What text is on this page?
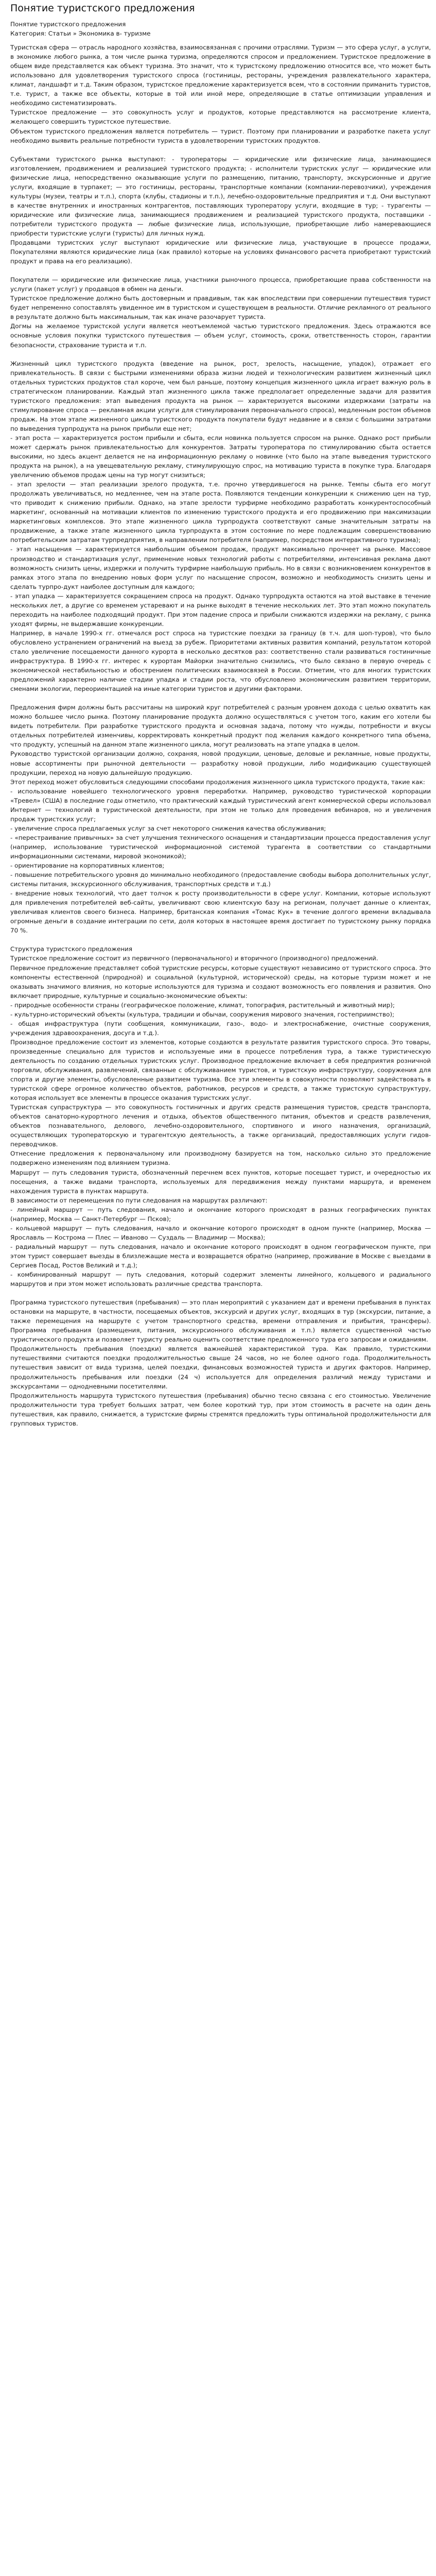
Понятие туристского предложения
Понятие туристского предложения
Категория: Статьи » Экономика в- туризме

Туристская сфера — отрасль народного хозяйства, взаимосвязанная с прочими отраслями. Туризм — это сфера услуг, а услуги, в экономике любого рынка, а том числе рынка туризма, определяются спросом и предложением. Туристское предложение в общем виде представляется как объект туризма. Это значит, что к туристскому предложению относится все, что может быть использовано для удовлетворения туристского спроса (гостиницы, рестораны, учреждения развлекательного характера, климат, ландшафт и т.д. Таким образом, туристское предложение характеризуется всем, что в состоянии приманить туристов, т.е. турист, а также все объекты, которые в той или иной мере, определяющие в статье оптимизации управления и необходимо систематизировать.

Туристское предложение — это совокупность услуг и продуктов, которые представляются на рассмотрение клиента, желающего совершить туристское путешествие.

Объектом туристского предложения является потребитель — турист. Поэтому при планировании и разработке пакета услуг необходимо выявить реальные потребности туриста в удовлетворении туристских продуктов.

Субъектами туристского рынка выступают: - туроператоры — юридические или физические лица, занимающиеся изготовлением, продвижением и реализацией туристского продукта; - исполнители туристских услуг — юридические или физические лица, непосредственно оказывающие услуги по размещению, питанию, транспорту, экскурсионные и другие услуги, входящие в турпакет; — это гостиницы, рестораны, транспортные компании (компании-перевозчики), учреждения культуры (музеи, театры и т.п.), спорта (клубы, стадионы и т.п.), лечебно-оздоровительные предприятия и т.д. Они выступают в качестве внутренних и иностранных контрагентов, поставляющих туроператору услуги, входящие в тур; - турагенты — юридические или физические лица, занимающиеся продвижением и реализацией туристского продукта, поставщики - потребители туристского продукта — любые физические лица, использующие, приобретающие либо намеревающиеся приобрести туристские услуги (туристы) для личных нужд.

Продавцами туристских услуг выступают юридические или физические лица, участвующие в процессе продажи, Покупателями являются юридические лица (как правило) которые на условиях финансового расчета приобретают туристский продукт и права на его реализацию).

Покупатели — юридические или физические лица, участники рыночного процесса, приобретающие права собственности на услуги (пакет услуг) у продавцов в обмен на деньги.

Туристское предложение должно быть достоверным и правдивым, так как впоследствии при совершении путешествия турист будет непременно сопоставлять увиденное им в туристском и существующем в реальности. Отличие рекламного от реального в результате должно быть максимальным, так как иначе разочарует туриста.

Догмы на желаемое туристской услуги является неотъемлемой частью туристского предложения. Здесь отражаются все основные условия покупки туристского путешествия — объем услуг, стоимость, сроки, ответственность сторон, гарантии безопасности, страхование туриста и т.п.

Жизненный цикл туристского продукта (введение на рынок, рост, зрелость, насыщение, упадок), отражает его привлекательность. В связи с быстрыми изменениями образа жизни людей и технологическим развитием жизненный цикл отдельных туристских продуктов стал короче, чем был раньше, поэтому концепция жизненного цикла играет важную роль в стратегическом планировании. Каждый этап жизненного цикла также предполагает определенные задачи для развития туристского предложения: этап выведения продукта на рынок — характеризуется высокими издержками (затраты на стимулирование спроса — рекламная акции услуги для стимулирования первоначального спроса), медленным ростом объемов продаж. На этом этапе жизненного цикла туристского продукта покупатели будут недавние и в связи с большими затратами по выведения турпродукта на рынок прибыли еще нет;

- этап роста — характеризуется ростом прибыли и сбыта, если новинка пользуется спросом на рынке. Однако рост прибыли может сдержать рынок привлекательностью для конкурентов. Затраты туроператора по стимулированию сбыта остается высокими, но здесь акцент делается не на информационную рекламу о новинке (что было на этапе выведения туристского продукта на рынок), а на увещевательную рекламу, стимулирующую спрос, на мотивацию туриста в покупке тура. Благодаря увеличению объемов продаж цены на тур могут снизиться;

- этап зрелости — этап реализации зрелого продукта, т.е. прочно утвердившегося на рынке. Темпы сбыта его могут продолжать увеличиваться, но медленнее, чем на этапе роста. Появляются тенденции конкуренции к снижению цен на тур, что приводит к снижению прибыли. Однако, на этапе зрелости турфирме необходимо разработать конкурентоспособный маркетинг, основанный на мотивации клиентов по изменению туристского продукта и его продвижению при максимизации маркетинговых комплексов. Это этапе жизненного цикла турпродукта соответствуют самые значительным затраты на продвижение, а также этапе жизненного цикла турпродукта в этом состояние по мере подлежащим совершенствованию потребительским затратам турпредприятия, в направлении потребителя (например, посредством интерактивного туризма);

- этап насыщения — характеризуется наибольшим объемом продаж, продукт максимально прочнеет на рынке. Массовое производство и стандартизация услуг, применение новых технологий работы с потребителями, интенсивная реклама дают возможность снизить цены, издержки и получить турфирме наибольшую прибыль. Но в связи с возникновением конкурентов в рамках этого этапа по внедрению новых форм услуг по насыщение спросом, возможно и необходимость снизить цены и сделать турпро-дукт наиболее доступным для каждого;

- этап упадка — характеризуется сокращением спроса на продукт. Однако турпродукта остаются на этой выставке в течение нескольких лет, а другие со временем устаревают и на рынке выходят в течение нескольких лет. Это этап можно покупатель переходить на наиболее подходящий продукт. При этом падение спроса и прибыли снижаются издержки на рекламу, с рынка уходят фирмы, не выдержавшие конкуренции.

Например, в начале 1990-х гг. отмечался рост спроса на туристские поездки за границу (в т.ч. для шоп-туров), что было обусловлено устранением ограничений на выезд за рубеж. Приоритетами активных развития компаний, результатом которой стало увеличение посещаемости данного курорта в несколько десятков раз: соответственно стали развиваться гостиничные инфраструктура. В 1990-х гг. интерес к курортам Майорки значительно снизились, что было связано в первую очередь с экономической нестабильностью и обострением политических взаимосвязей в России. Отметим, что для многих туристских предложений характерно наличие стадии упадка и стадии роста, что обусловлено экономическим развитием территории, сменами экологии, переориентацией на иные категории туристов и другими факторами.

Предложения фирм должны быть рассчитаны на широкий круг потребителей с разным уровнем дохода с целью охватить как можно большее число рынка. Поэтому планирование продукта должно осуществляться с учетом того, каким его хотели бы видеть потребители. При разработке туристского продукта и основная задача, потому что нужды, потребности и вкусы отдельных потребителей изменчивы, корректировать конкретный продукт под желания каждого конкретного типа объема, что продукту, успешный на данном этапе жизненного цикла, могут реализовать на этапе упадка в целом.

Руководство туристской организации должно, сохраняя, новой продукции, ценовые, деловые и рекламные, новые продукты, новые ассортименты при рыночной деятельности — разработку новой продукции, либо модификацию существующей продукции, переход на новую дальнейшую продукцию.

Этот переход может обусловиться следующими способами продолжения жизненного цикла туристского продукта, такие как:

- использование новейшего технологического уровня переработки. Например, руководство туристической корпорации «Тревел» (США) в последние годы отметило, что практический каждый туристический агент коммерческой сферы использовал Интернет — технологий в туристической деятельности, при этом не только для проведения вебинаров, но и увеличения продаж туристских услуг;

- увеличение спроса предлагаемых услуг за счет некоторого снижения качества обслуживания;

- «перестраивание привычных» за счет улучшения технического оснащения и стандартизации процесса предоставления услуг (например, использование туристической информационной системой турагента в соответствии со стандартными информационными системами, мировой экономикой);

- ориентирование на корпоративных клиентов;

- повышение потребительского уровня до минимально необходимого (предоставление свободы выбора дополнительных услуг, системы питания, экскурсионного обслуживания, транспортных средств и т.д.)

- внедрение новых технологий, что дает толчок к росту производительности в сфере услуг. Компании, которые используют для привлечения потребителей веб-сайты, увеличивают свою клиентскую базу на регионам, получает данные о клиентах, увеличивая клиентов своего бизнеса. Например, британская компания «Томас Кук» в течение долгого времени вкладывала огромные деньги в создание интеграции по сети, доля которых в настоящее время достигает по туристскому рынку порядка 70 %.

Структура туристского предложения

Туристское предложение состоит из первичного (первоначального) и вторичного (производного) предложений.

Первичное предложение представляет собой туристские ресурсы, которые существуют независимо от туристского спроса. Это компоненты естественной (природной) и социальной (культурной, исторической) среды, на которые туризм может и не оказывать значимого влияния, но которые используются для туризма и создают возможность его появления и развития. Оно включает природные, культурные и социально-экономические объекты:

- природные особенности страны (географическое положение, климат, топография, растительный и животный мир);

- культурно-исторический объекты (культура, традиции и обычаи, сооружения мирового значения, гостеприимство);

- общая инфраструктура (пути сообщения, коммуникации, газо-, водо- и электроснабжение, очистные сооружения, учреждения здравоохранения, досуга и т.д.).

Производное предложение состоит из элементов, которые создаются в результате развития туристского спроса. Это товары, произведенные специально для туристов и используемые ими в процессе потребления тура, а также туристическую деятельность по созданию отдельных туристских услуг. Производное предложение включает в себя предприятия розничной торговли, обслуживания, развлечений, связанные с обслуживанием туристов, и туристскую инфраструктуру, сооружения для спорта и другие элементы, обусловленные развитием туризма. Все эти элементы в совокупности позволяют задействовать в туристской сфере огромное количество объектов, работников, ресурсов и средств, а также туристскую супраструктуру, которая использует все элементы в процессе оказания туристских услуг.

Туристская супраструктура — это совокупность гостиничных и других средств размещения туристов, средств транспорта, объектов санаторно-курортного лечения и отдыха, объектов общественного питания, объектов и средств развлечения, объектов познавательного, делового, лечебно-оздоровительного, спортивного и иного назначения, организаций, осуществляющих туроператорскую и турагентскую деятельность, а также организаций, предоставляющих услуги гидов-переводчиков.

Отнесение предложения к первоначальному или производному базируется на том, насколько сильно это предложение подвержено изменениям под влиянием туризма.

Маршрут — путь следования туриста, обозначенный перечнем всех пунктов, которые посещает турист, и очередностью их посещения, а также видами транспорта, используемых для передвижения между пунктами маршрута, и временем нахождения туриста в пунктах маршрута.

В зависимости от перемещения по пути следования на маршрутах различают:

- линейный маршрут — путь следования, начало и окончание которого происходят в разных географических пунктах (например, Москва — Санкт-Петербург — Псков);

- кольцевой маршрут — путь следования, начало и окончание которого происходят в одном пункте (например, Москва — Ярославль — Кострома — Плес — Иваново — Суздаль — Владимир — Москва);

- радиальный маршрут — путь следования, начало и окончание которого происходят в одном географическом пункте, при этом турист совершает выезды в близлежащие места и возвращается обратно (например, проживание в Москве с выездами в Сергиев Посад, Ростов Великий и т.д.);

- комбинированный маршрут — путь следования, который содержит элементы линейного, кольцевого и радиального маршрутов и при этом может использовать различные средства транспорта.

Программа туристского путешествия (пребывания) — это план мероприятий с указанием дат и времени пребывания в пунктах остановки на маршруте, в частности, посещаемых объектов, экскурсий и других услуг, входящих в тур (экскурсии, питание, а также перемещения на маршруте с учетом транспортного средства, времени отправления и прибытия, трансферы). Программа пребывания (размещения, питания, экскурсионного обслуживания и т.п.) является существенной частью туристического продукта и позволяет туристу реально оценить соответствие предложенного тура его запросам и ожиданиям.

Продолжительность пребывания (поездки) является важнейшей характеристикой тура. Как правило, туристскими путешествиями считаются поездки продолжительностью свыше 24 часов, но не более одного года. Продолжительность путешествия зависит от вида туризма, целей поездки, финансовых возможностей туриста и других факторов. Например, продолжительность пребывания или поездки (24 ч) используется для определения различий между туристами и экскурсантами — однодневными посетителями.

Продолжительность маршрута туристского путешествия (пребывания) обычно тесно связана с его стоимостью. Увеличение продолжительности тура требует больших затрат, чем более короткий тур, при этом стоимость в расчете на один день путешествия, как правило, снижается, а туристские фирмы стремятся предложить туры оптимальной продолжительности для групповых туристов.
